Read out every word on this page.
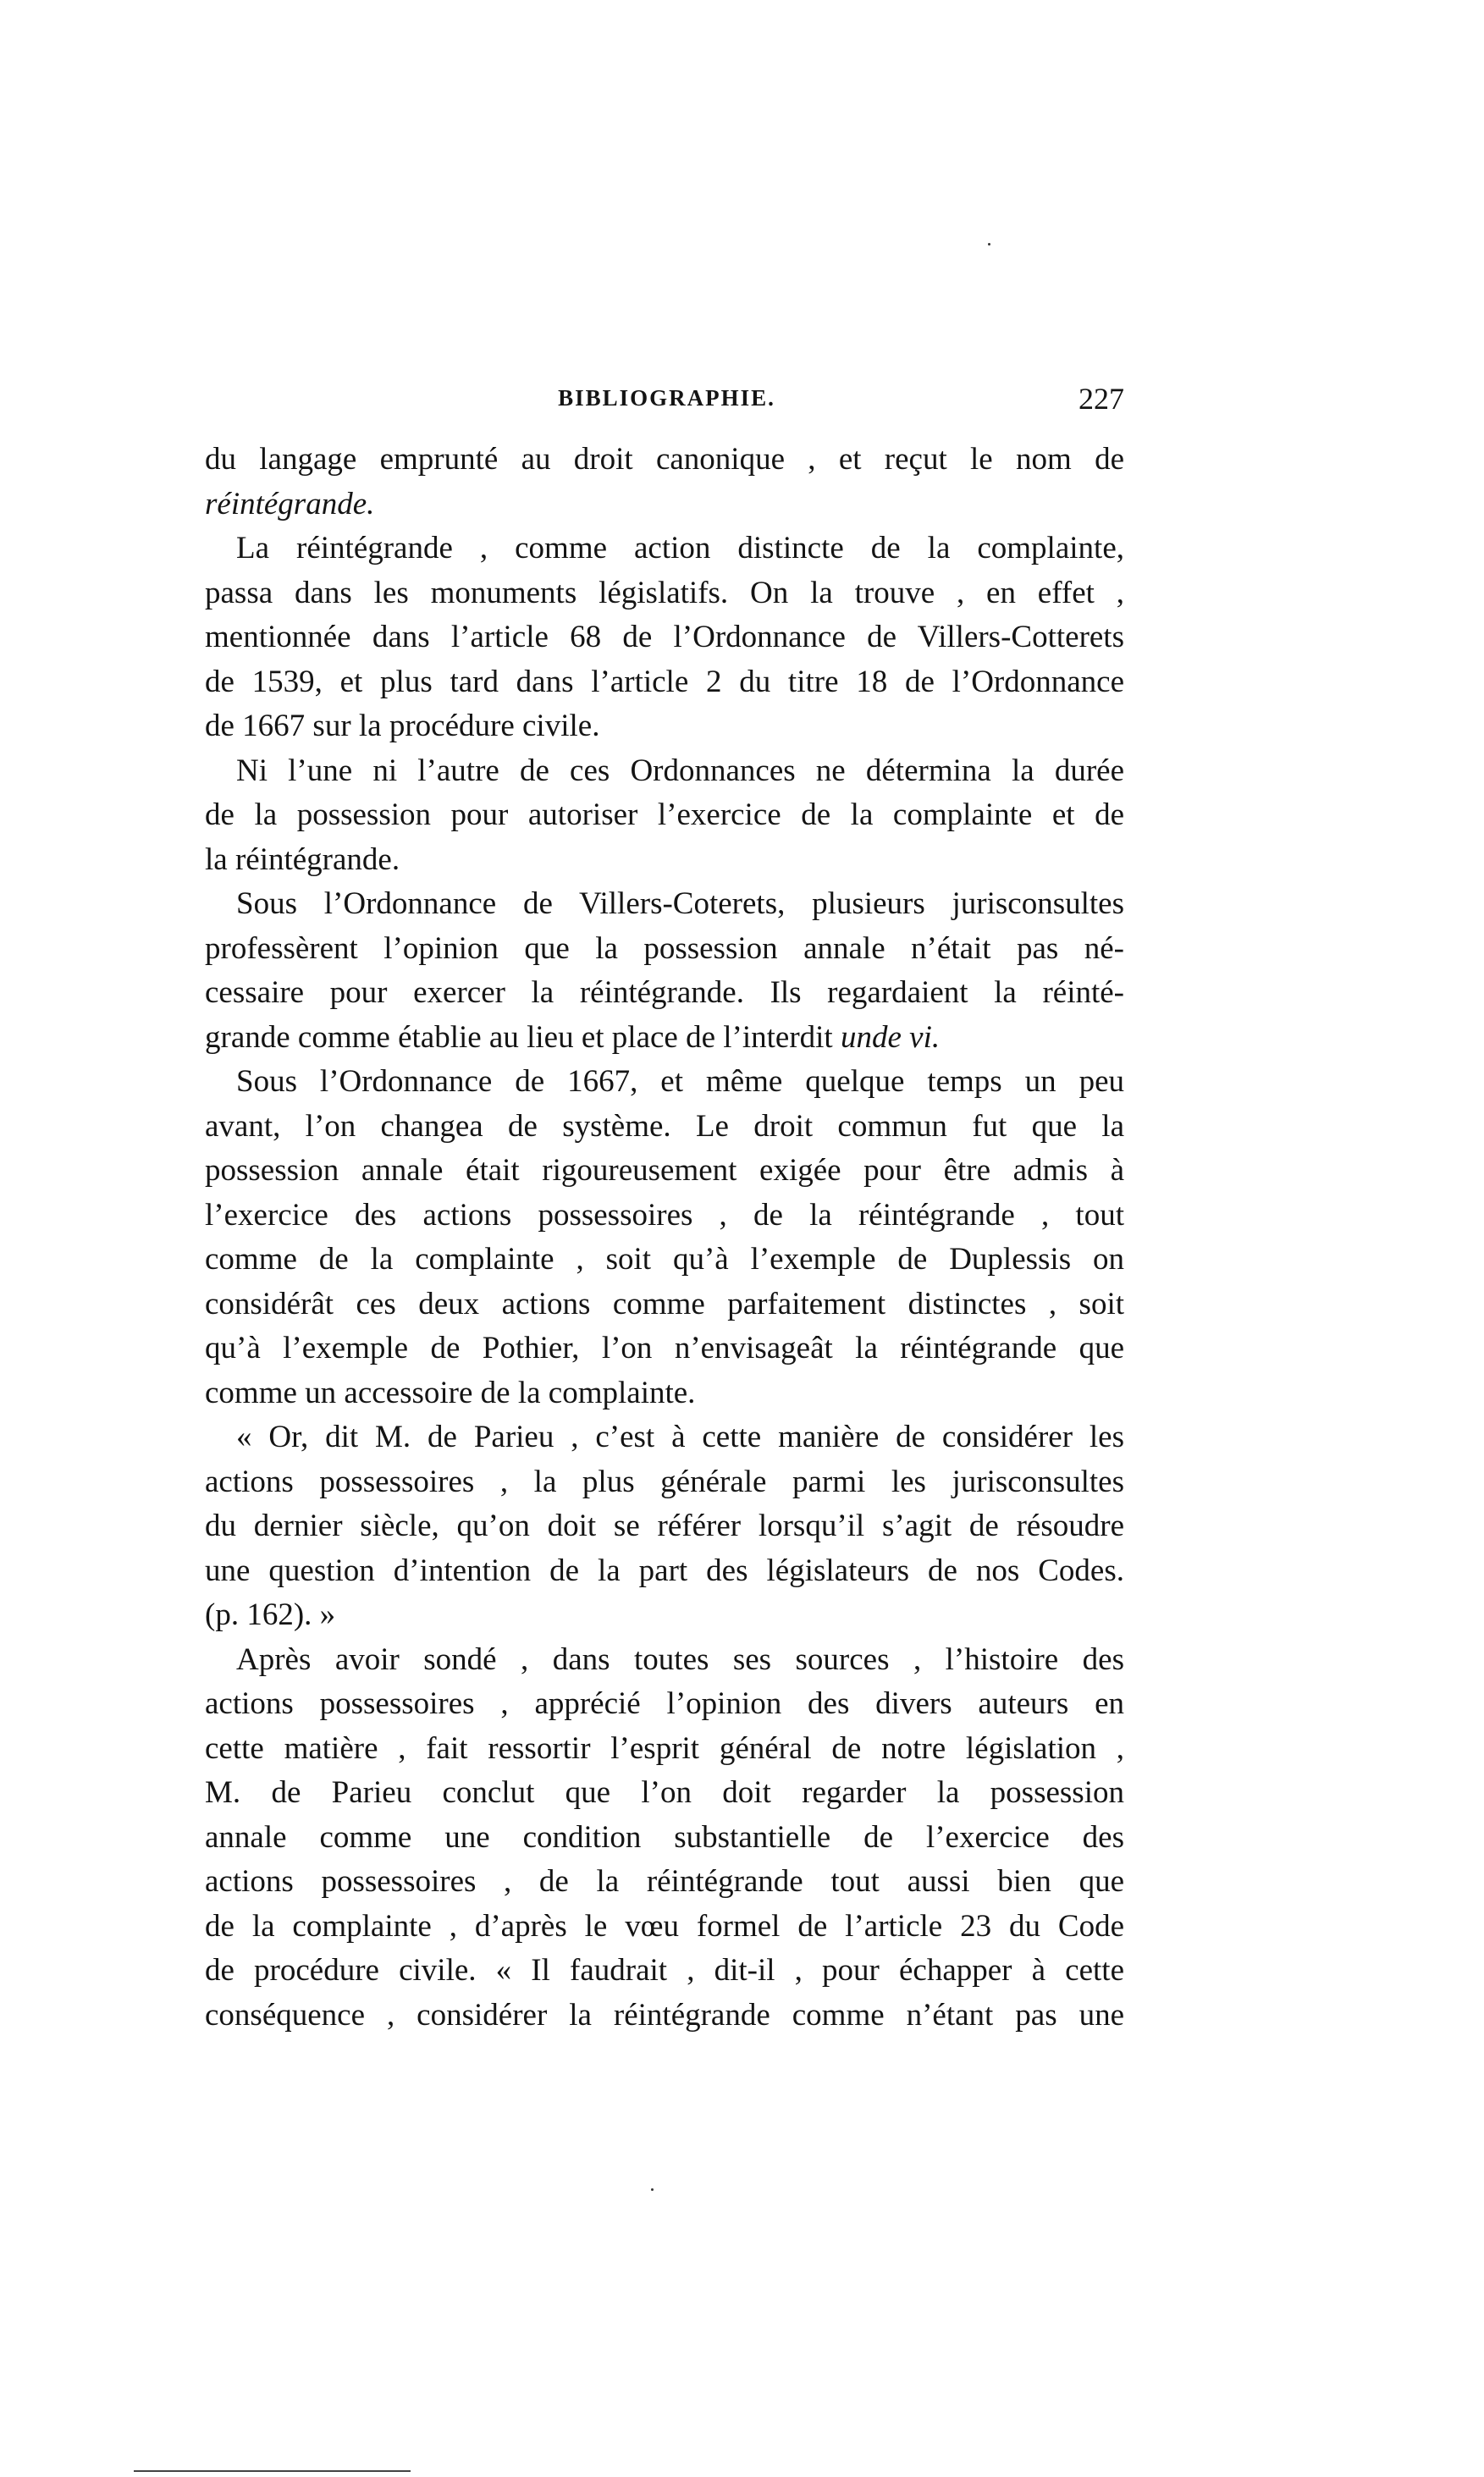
BIBLIOGRAPHIE.	227
du langage emprunté au droit canonique , et reçut le nom de
réintégrande.
La réintégrande , comme action distincte de la complainte,
passa dans les monuments législatifs. On la trouve , en effet ,
mentionnée dans l’article 68 de l’Ordonnance de Villers-Cotterets
de 1539, et plus tard dans l’article 2 du titre 18 de l’Ordonnance
de 1667 sur la procédure civile.
Ni l’une ni l’autre de ces Ordonnances ne détermina la durée
de la possession pour autoriser l’exercice de la complainte et de
la réintégrande.
Sous l’Ordonnance de Villers-Coterets, plusieurs jurisconsultes
professèrent l’opinion que la possession annale n’était pas né-
cessaire pour exercer la réintégrande. Ils regardaient la réinté-
grande comme établie au lieu et place de l’interdit unde vi.
Sous l’Ordonnance de 1667, et même quelque temps un peu
avant, l’on changea de système. Le droit commun fut que la
possession annale était rigoureusement exigée pour être admis à
l’exercice des actions possessoires , de la réintégrande , tout
comme de la complainte , soit qu’à l’exemple de Duplessis on
considérât ces deux actions comme parfaitement distinctes , soit
qu’à l’exemple de Pothier, l’on n’envisageât la réintégrande que
comme un accessoire de la complainte.
« Or, dit M. de Parieu , c’est à cette manière de considérer les
actions possessoires , la plus générale parmi les jurisconsultes
du dernier siècle, qu’on doit se référer lorsqu’il s’agit de résoudre
une question d’intention de la part des législateurs de nos Codes.
(p. 162). »
Après avoir sondé , dans toutes ses sources , l’histoire des
actions possessoires , apprécié l’opinion des divers auteurs en
cette matière , fait ressortir l’esprit général de notre législation ,
M. de Parieu conclut que l’on doit regarder la possession
annale comme une condition substantielle de l’exercice des
actions possessoires , de la réintégrande tout aussi bien que
de la complainte , d’après le vœu formel de l’article 23 du Code
de procédure civile. « Il faudrait , dit-il , pour échapper à cette
conséquence , considérer la réintégrande comme n’étant pas une
